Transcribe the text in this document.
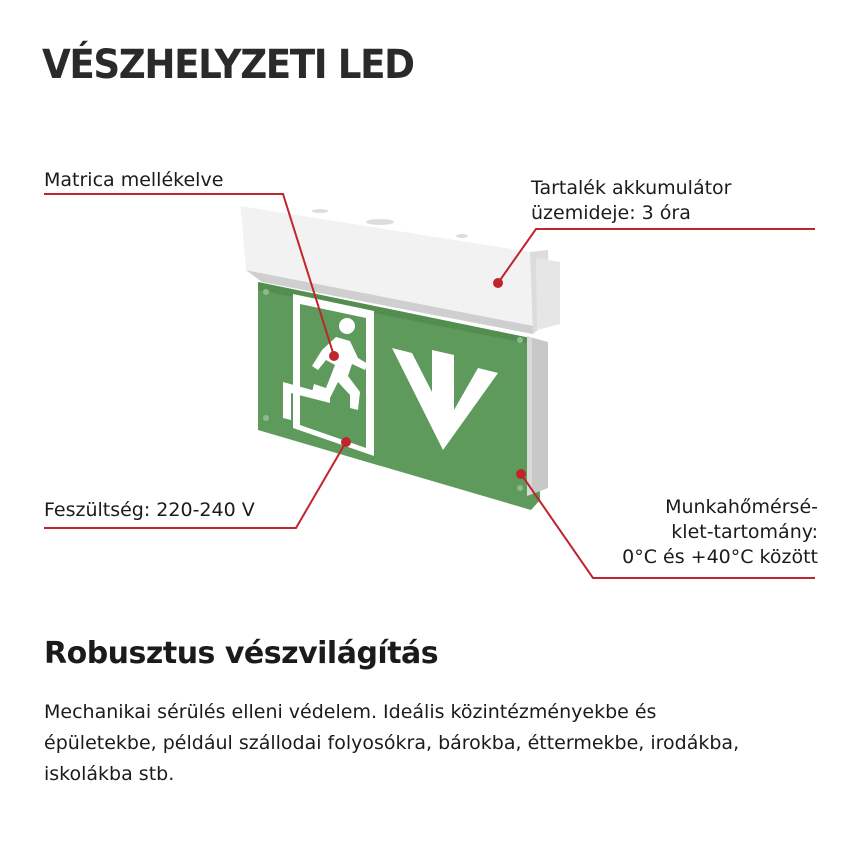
VÉSZHELYZETI LED

Matrica mellékelve	Tartalék akkumulátor
üzemideje: 3 óra

Feszültség: 220-240 V	Munkahőmérsé-
klet-tartomány:
0°C és +40°C között
Robusztus vészvilágítás

Mechanikai sérülés elleni védelem. Ideális közintézményekbe és épületekbe, például szállodai folyosókra, bárokba, éttermekbe, irodákba, iskolákba stb.
